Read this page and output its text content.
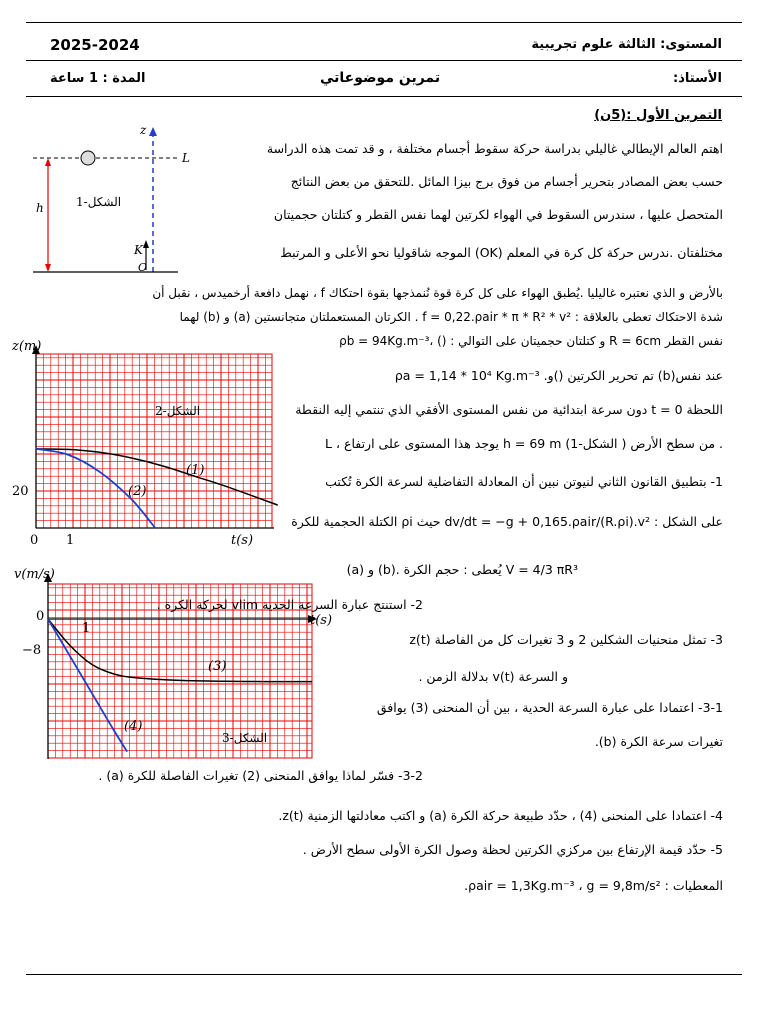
المستوى: الثالثة علوم تجريبية
2025-2024
الأستاذ:
تمرين موضوعاتي
المدة : 1 ساعة
التمرين الأول :(5ن)
z
L
h
K
O
الشكل-1
z(m)
t(s)
20
0 1
(1)
(2)
الشكل-2
v(m/s)
t(s)
0
−8
1
(3)
(4)
الشكل-3
اهتم العالم الإيطالي غاليلي بدراسة حركة سقوط أجسام مختلفة ، و قد تمت هذه الدراسة
حسب بعض المصادر بتحرير أجسام من فوق برج بيزا المائل .للتحقق من بعض النتائج
المتحصل عليها ، سندرس السقوط في الهواء لكرتين لهما نفس القطر و كتلتان حجميتان
مختلفتان .ندرس حركة كل كرة في المعلم (OK) الموجه شاقوليا نحو الأعلى و المرتبط
بالأرض و الذي نعتبره غاليليا .يُطبق الهواء على كل كرة قوة نُنمذجها بقوة احتكاك f ، نهمل دافعة أرخميدس ، نقبل أن
شدة الاحتكاك تعطى بالعلاقة : f = 0,22.ρair * π * R² * v² . الكرتان المستعملتان متجانستين (a) و (b) لهما
نفس القطر R = 6cm و كتلتان حجميتان على التوالي : () ،ρb = 94Kg.m⁻³
ρa = 1,14 * 10⁴ Kg.m⁻³ .تم تحرير الكرتين ()و (b)عند نفس
اللحظة t = 0 دون سرعة ابتدائية من نفس المستوى الأفقي الذي تنتمي إليه النقطة
L ، يوجد هذا المستوى على ارتفاع h = 69 m من سطح الأرض ( الشكل-1) .
1- بتطبيق القانون الثاني لنيوتن نبين أن المعادلة التفاضلية لسرعة الكرة تُكتب
على الشكل : dv/dt = −g + 0,165.ρair/(R.ρi).v² حيث ρi الكتلة الحجمية للكرة
(a) و (b). يُعطى : حجم الكرة V = 4/3 πR³
2- استنتج عبارة السرعة الحدية vlim لحركة الكرة .
3- تمثل منحنيات الشكلين 2 و 3 تغيرات كل من الفاصلة z(t)
و السرعة v(t) بدلالة الزمن .
3-1- اعتمادا على عبارة السرعة الحدية ، بين أن المنحنى (3) يوافق
تغيرات سرعة الكرة (b).
3-2- فسّر لماذا يوافق المنحنى (2) تغيرات الفاصلة للكرة (a) .
4- اعتمادا على المنحنى (4) ، حدّد طبيعة حركة الكرة (a) و اكتب معادلتها الزمنية z(t).
5- حدّد قيمة الإرتفاع بين مركزي الكرتين لحظة وصول الكرة الأولى سطح الأرض .
المعطيات : ρair = 1,3Kg.m⁻³ ، g = 9,8m/s².
